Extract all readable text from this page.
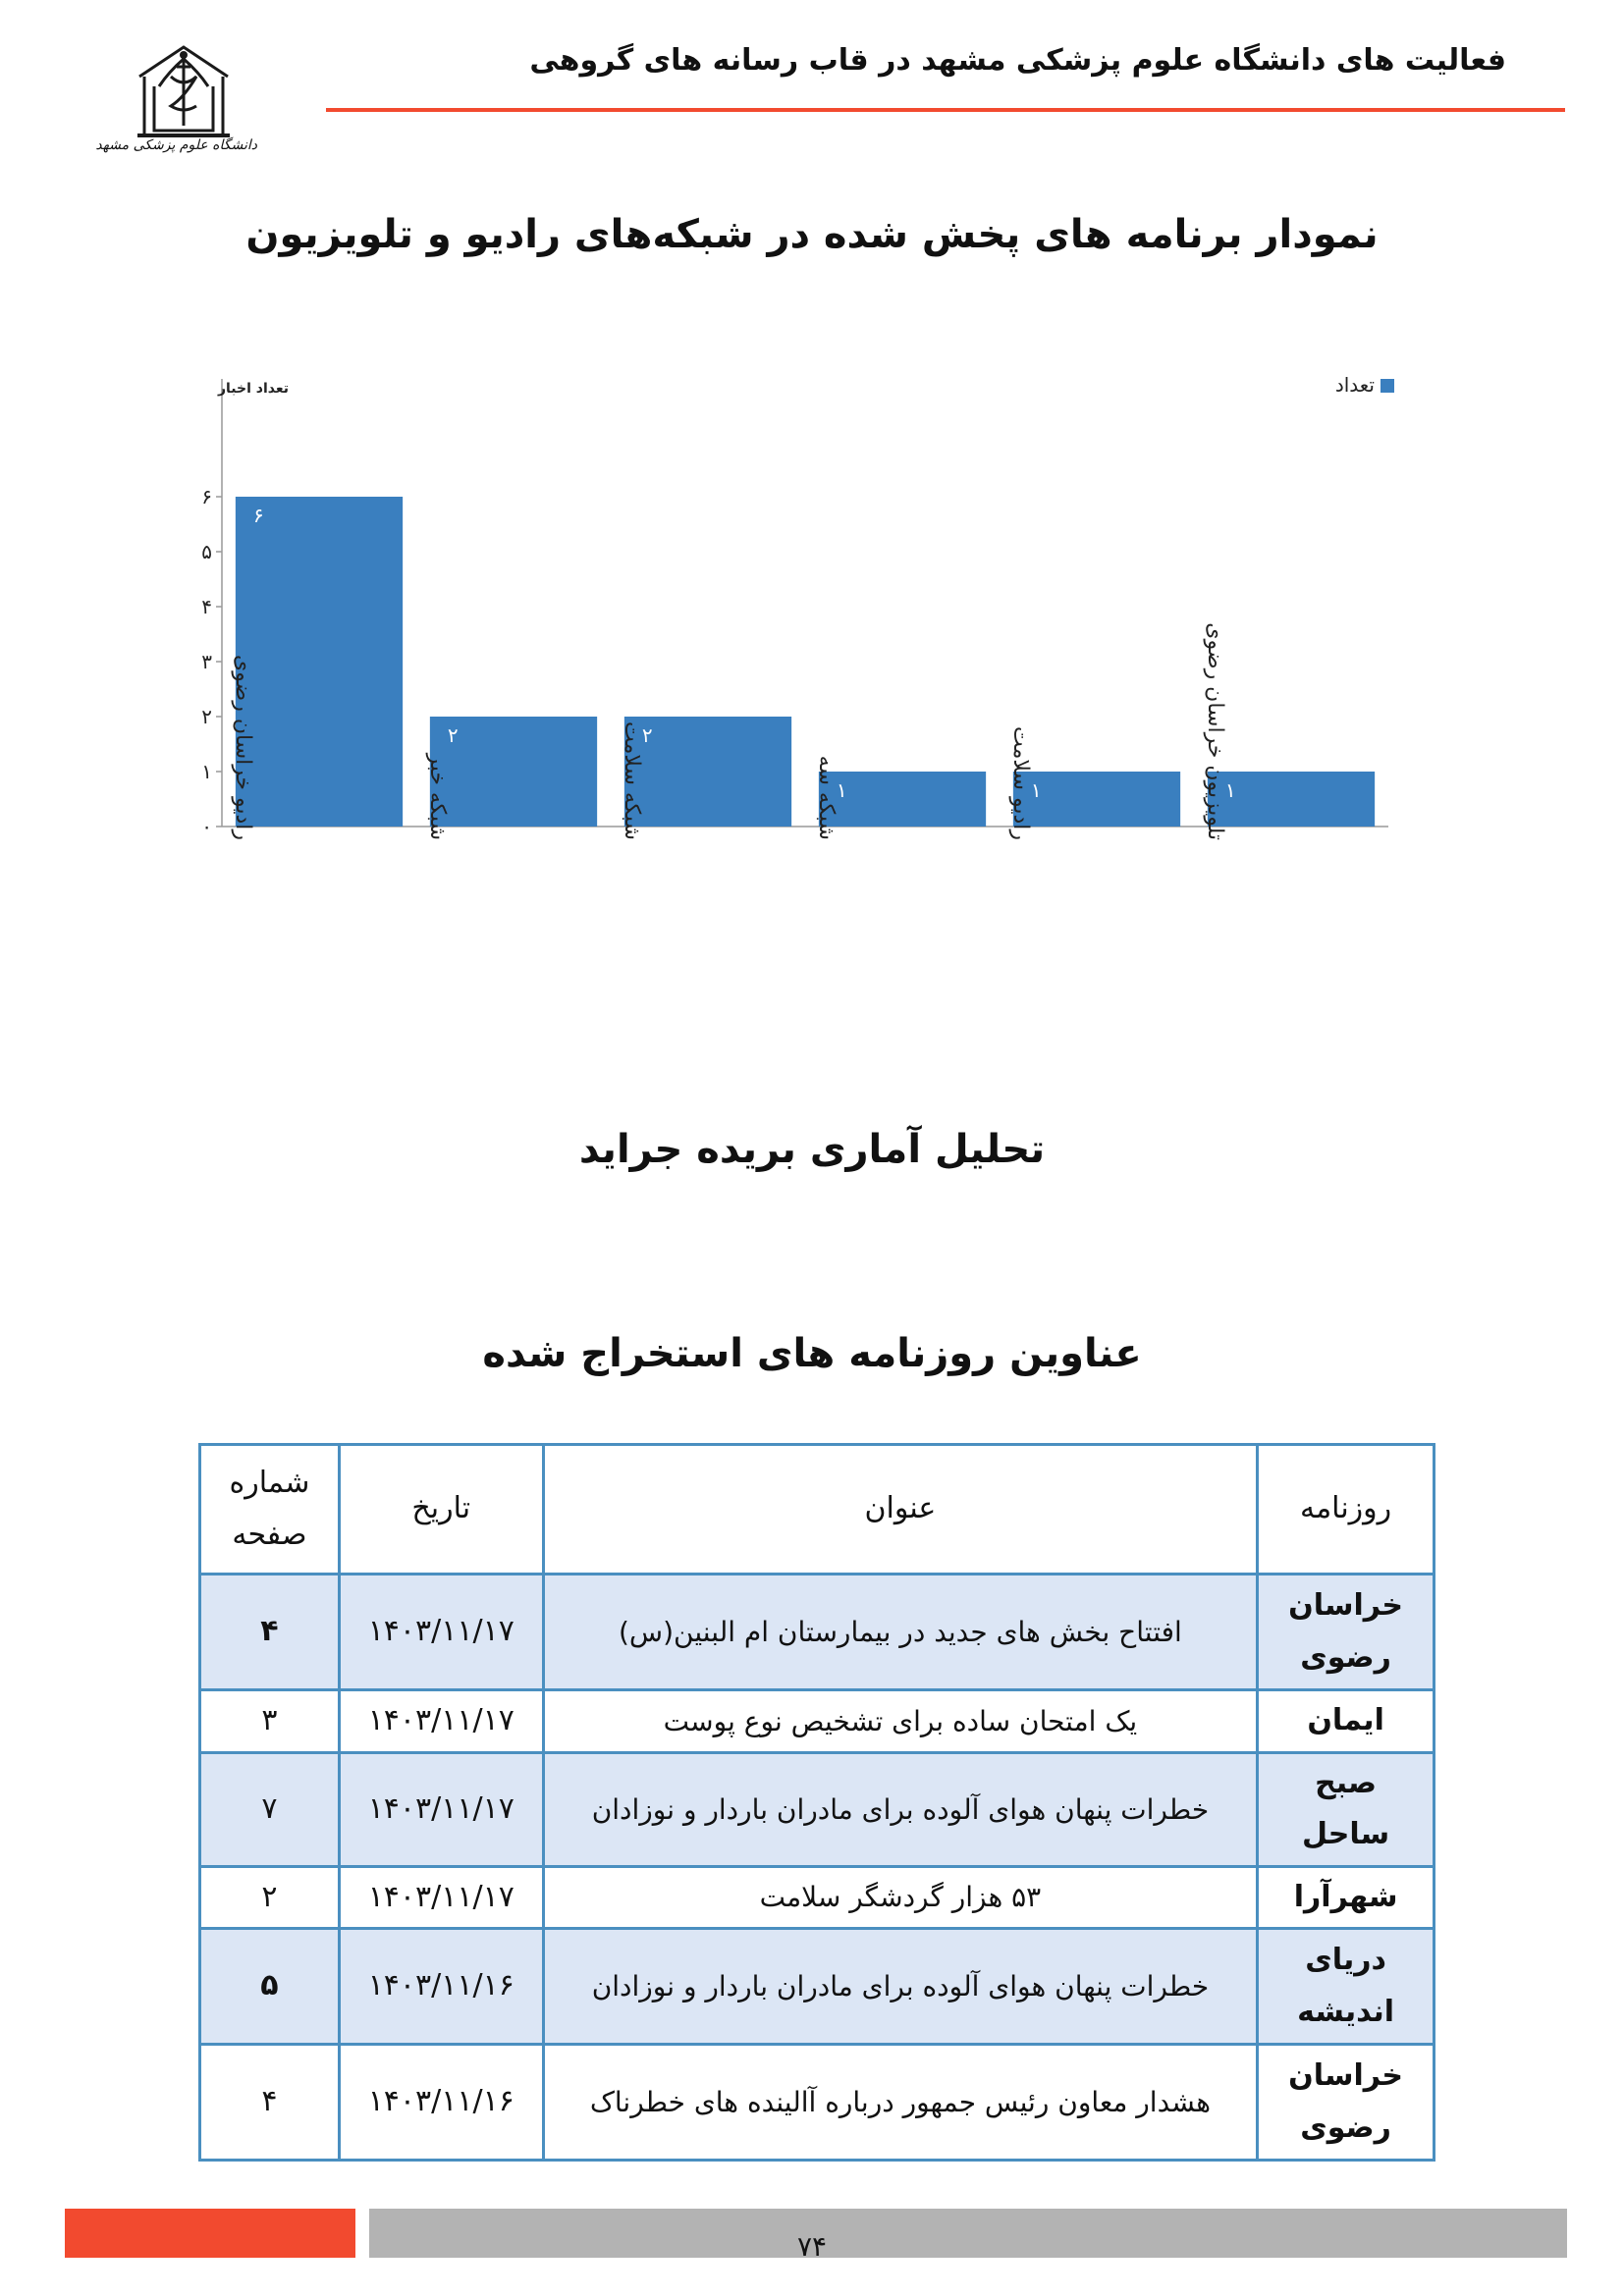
فعالیت های دانشگاه علوم پزشکی مشهد در قاب رسانه های گروهی
دانشگاه علوم پزشکی مشهد
نمودار برنامه های پخش شده در شبکه‌های رادیو و تلویزیون
۰
۱
۲
۳
۴
۵
۶
۶
رادیو خراسان رضوی	۲
شبکه خبر
۲
شبکه سلامت	۱
شبکه سه	۱
رادیو سلامت	۱
تلویزیون خراسان رضوی
تعداد
تعداد اخبار
تحلیل آماری بریده جراید
عناوین روزنامه های استخراج شده
روزنامه	عنوان	تاریخ	شماره صفحه
خراسان رضوی	افتتاح بخش های جدید در بیمارستان ام البنین(س)	۱۴۰۳/۱۱/۱۷	۴
ایمان	یک امتحان ساده برای تشخیص نوع پوست	۱۴۰۳/۱۱/۱۷	۳
صبح ساحل	خطرات پنهان هوای آلوده برای مادران باردار و نوزادان	۱۴۰۳/۱۱/۱۷	۷
شهرآرا	۵۳ هزار گردشگر سلامت	۱۴۰۳/۱۱/۱۷	۲
دریای اندیشه	خطرات پنهان هوای آلوده برای مادران باردار و نوزادان	۱۴۰۳/۱۱/۱۶	۵
خراسان رضوی	هشدار معاون رئیس جمهور درباره آالینده های خطرناک	۱۴۰۳/۱۱/۱۶	۴
۷۴
